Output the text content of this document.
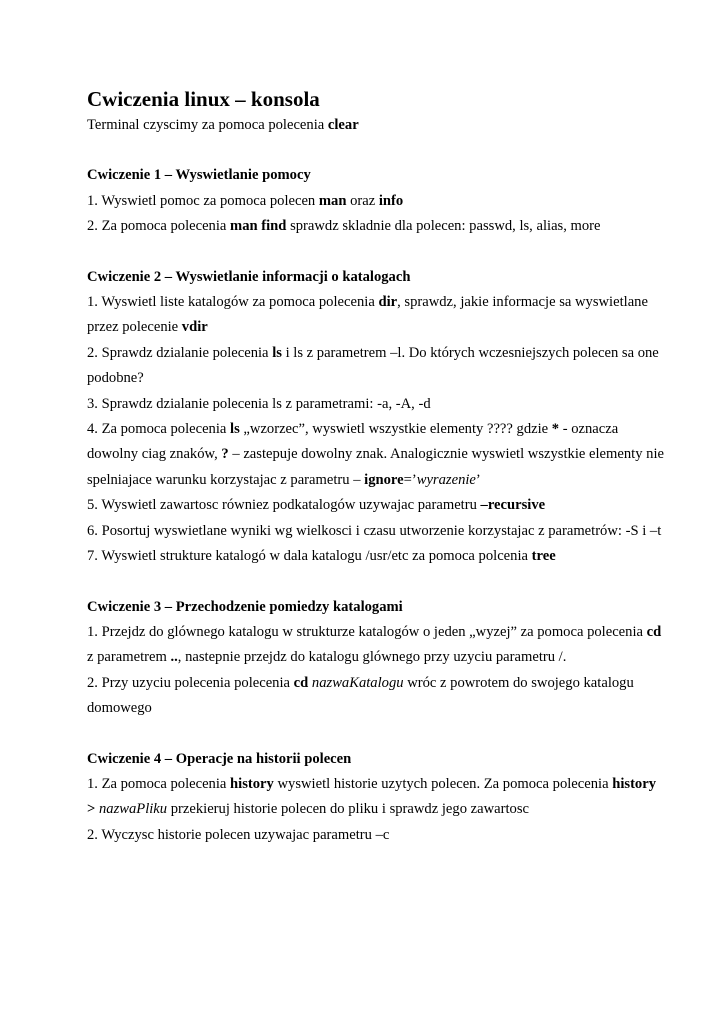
Cwiczenia linux – konsola

Terminal czyscimy za pomoca polecenia clear

Cwiczenie 1 – Wyswietlanie pomocy

1. Wyswietl pomoc za pomoca polecen man oraz info

2. Za pomoca polecenia man find sprawdz skladnie dla polecen: passwd, ls, alias, more

Cwiczenie 2 – Wyswietlanie informacji o katalogach

1. Wyswietl liste katalogów za pomoca polecenia dir, sprawdz, jakie informacje sa wyswietlane przez polecenie vdir

2. Sprawdz dzialanie polecenia ls i ls z parametrem –l. Do których wczesniejszych polecen sa one podobne?

3. Sprawdz dzialanie polecenia ls z parametrami: -a, -A, -d

4. Za pomoca polecenia ls „wzorzec”, wyswietl wszystkie elementy ???? gdzie * - oznacza dowolny ciag znaków, ? – zastepuje dowolny znak. Analogicznie wyswietl wszystkie elementy nie spelniajace warunku korzystajac z parametru – ignore=’wyrazenie’

5. Wyswietl zawartosc równiez podkatalogów uzywajac parametru –recursive

6. Posortuj wyswietlane wyniki wg wielkosci i czasu utworzenie korzystajac z parametrów: -S i –t

7. Wyswietl strukture katalogó w dala katalogu /usr/etc za pomoca polcenia tree

Cwiczenie 3 – Przechodzenie pomiedzy katalogami

1. Przejdz do glównego katalogu w strukturze katalogów o jeden „wyzej” za pomoca polecenia cd z parametrem .., nastepnie przejdz do katalogu glównego przy uzyciu parametru /.

2. Przy uzyciu polecenia polecenia cd nazwaKatalogu wróc z powrotem do swojego katalogu domowego

Cwiczenie 4 – Operacje na historii polecen

1. Za pomoca polecenia history wyswietl historie uzytych polecen. Za pomoca polecenia history > nazwaPliku przekieruj historie polecen do pliku i sprawdz jego zawartosc

2. Wyczysc historie polecen uzywajac parametru –c
